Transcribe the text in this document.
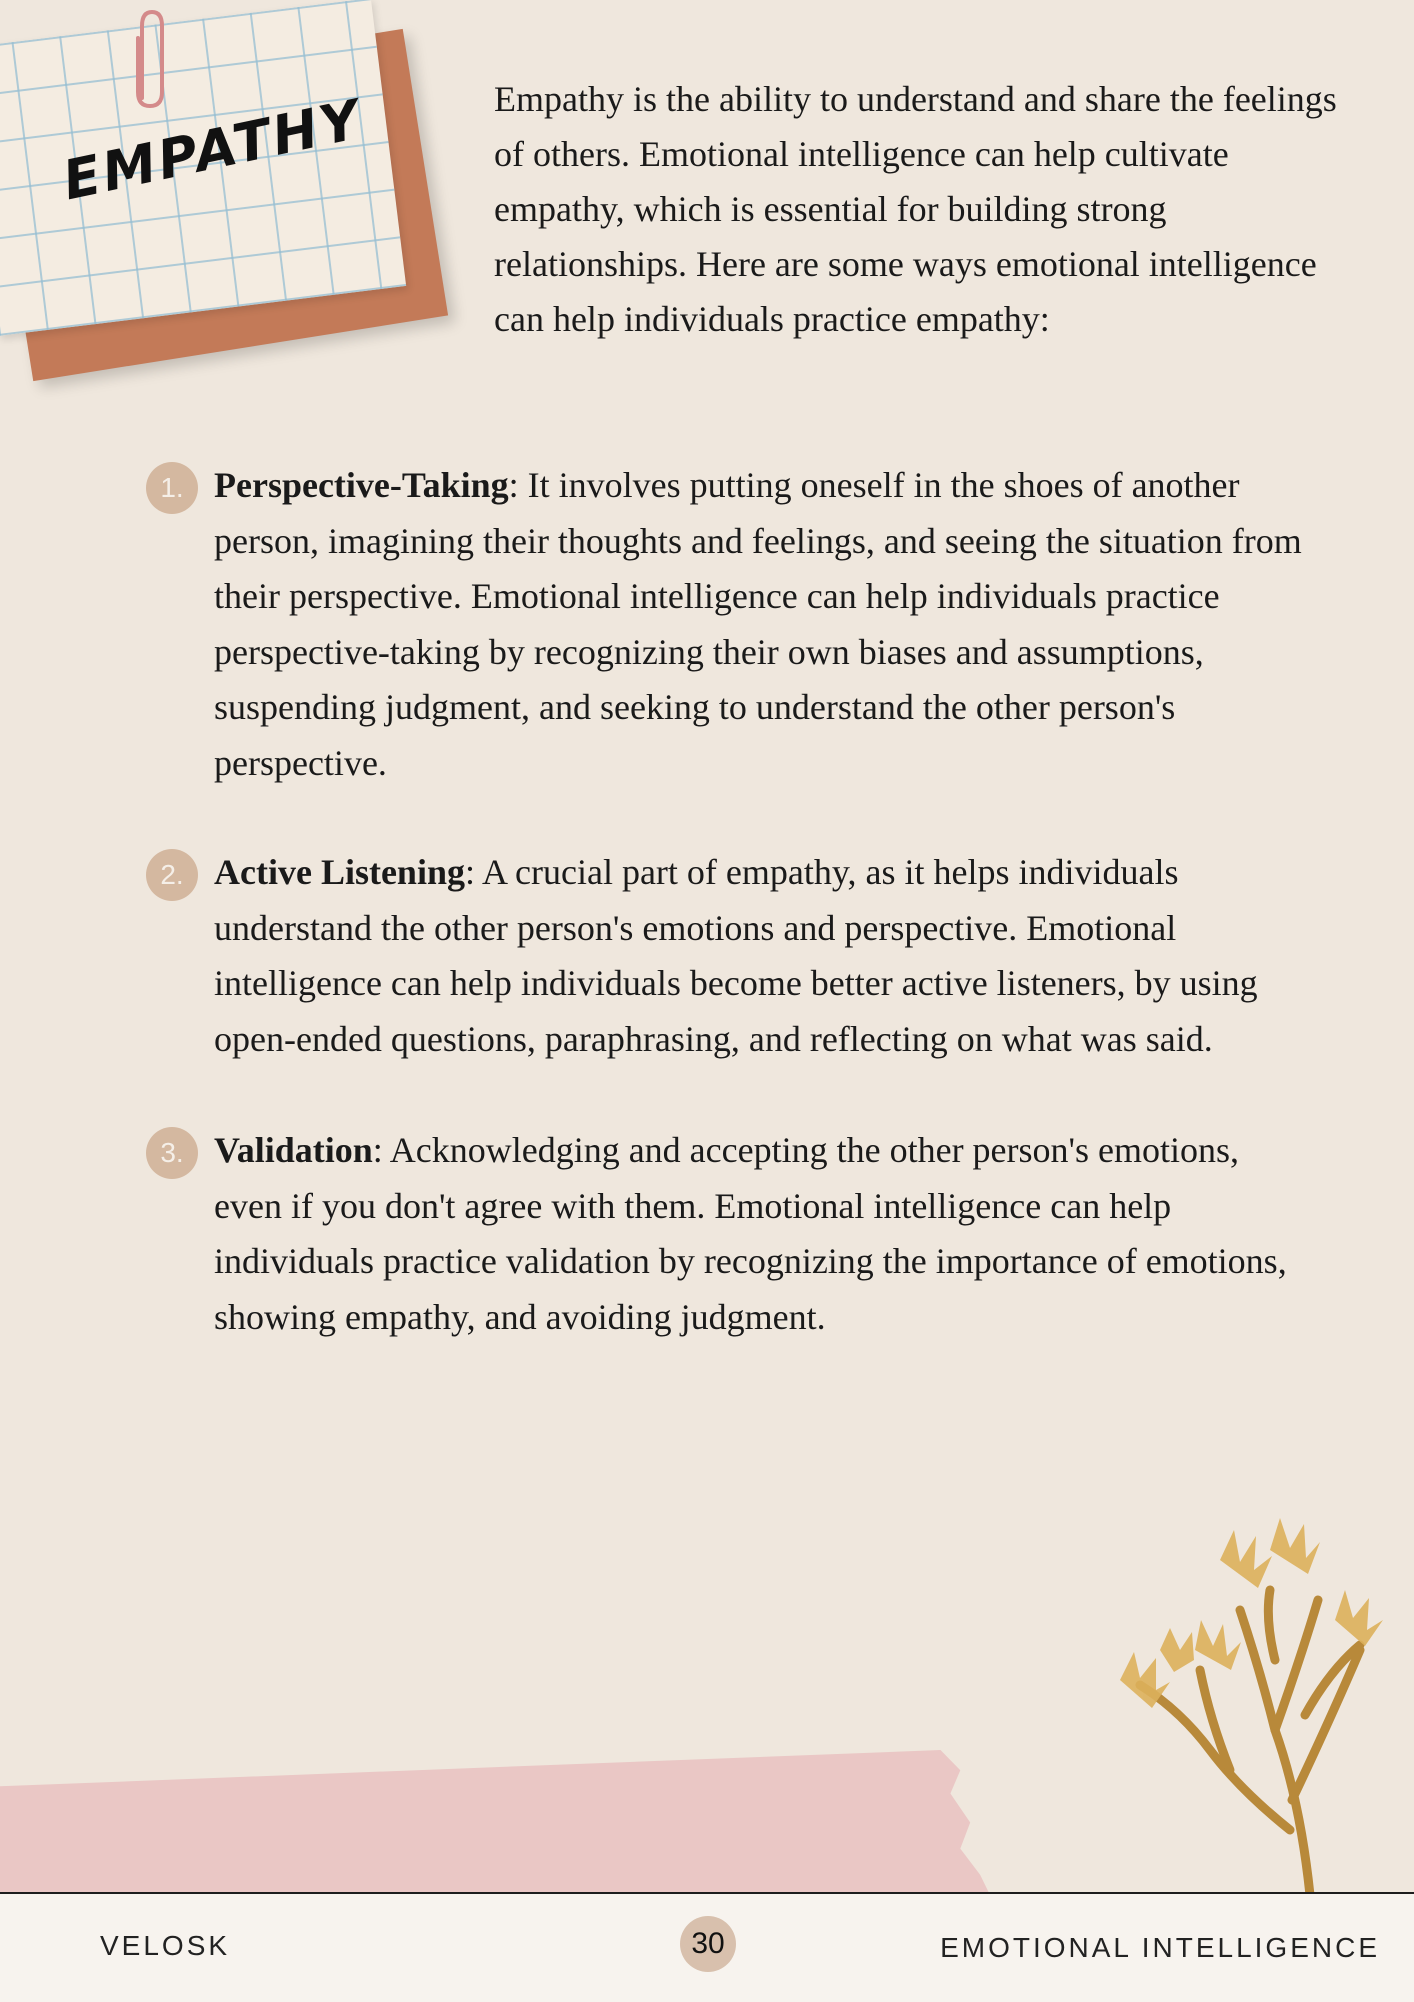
EMPATHY	Empathy is the ability to understand and share the feelings of others. Emotional intelligence can help cultivate empathy, which is essential for building strong relationships. Here are some ways emotional intelligence can help individuals practice empathy:

1. Perspective-Taking: It involves putting oneself in the shoes of another person, imagining their thoughts and feelings, and seeing the situation from their perspective. Emotional intelligence can help individuals practice perspective-taking by recognizing their own biases and assumptions, suspending judgment, and seeking to understand the other person's perspective.

2. Active Listening: A crucial part of empathy, as it helps individuals understand the other person's emotions and perspective. Emotional intelligence can help individuals become better active listeners, by using open-ended questions, paraphrasing, and reflecting on what was said.

3. Validation: Acknowledging and accepting the other person's emotions, even if you don't agree with them. Emotional intelligence can help individuals practice validation by recognizing the importance of emotions, showing empathy, and avoiding judgment.

VELOSK	30	EMOTIONAL INTELLIGENCE
